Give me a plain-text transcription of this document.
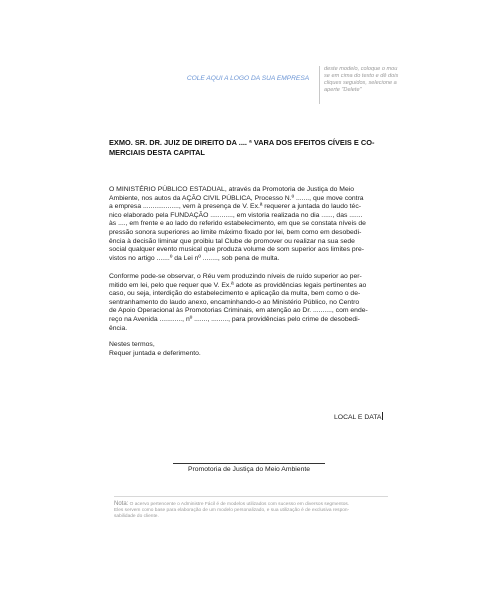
COLE AQUI A LOGO DA SUA EMPRESA
deste modelo, coloque o mou
se em cima do texto e dê dois
cliques seguidos, selecione a
aperte "Delete"
EXMO. SR. DR. JUIZ DE DIREITO DA .... ª VARA DOS EFEITOS CÍVEIS E CO-
MERCIAIS DESTA CAPITAL
O MINISTÉRIO PÚBLICO ESTADUAL, através da Promotoria de Justiça do Meio
Ambiente, nos autos da AÇÃO CIVIL PÚBLICA, Processo N.º ......., que move contra
a empresa ..................., vem à presença de V. Ex.ª requerer a juntada do laudo téc-
nico elaborado pela FUNDAÇÃO ............, em vistoria realizada no dia ......, das .......
às ...., em frente e ao lado do referido estabelecimento, em que se constata níveis de
pressão sonora superiores ao limite máximo fixado por lei, bem como em desobedi-
ência à decisão liminar que proibiu tal Clube de promover ou realizar na sua sede
social qualquer evento musical que produza volume de som superior aos limites pre-
vistos no artigo .......º da Lei nº ........, sob pena de multa.
Conforme pode-se observar, o Réu vem produzindo níveis de ruído superior ao per-
mitido em lei, pelo que requer que V. Ex.ª adote as providências legais pertinentes ao
caso, ou seja, interdição do estabelecimento e aplicação da multa, bem como o de-
sentranhamento do laudo anexo, encaminhando-o ao Ministério Público, no Centro
de Apoio Operacional às Promotorias Criminais, em atenção ao Dr. .........., com ende-
reço na Avenida ............, nº ......., ........., para providências pelo crime de desobedi-
ência.
Nestes termos,
Requer juntada e deferimento.
LOCAL E DATA
Promotoria de Justiça do Meio Ambiente
Nota: O acervo pertencente o Administre Fácil é de modelos utilizados com sucesso em diversos segmentos.
Eles servem como base para elaboração de um modelo personalizado, e sua utilização é de exclusiva respon-
sabilidade do cliente.
